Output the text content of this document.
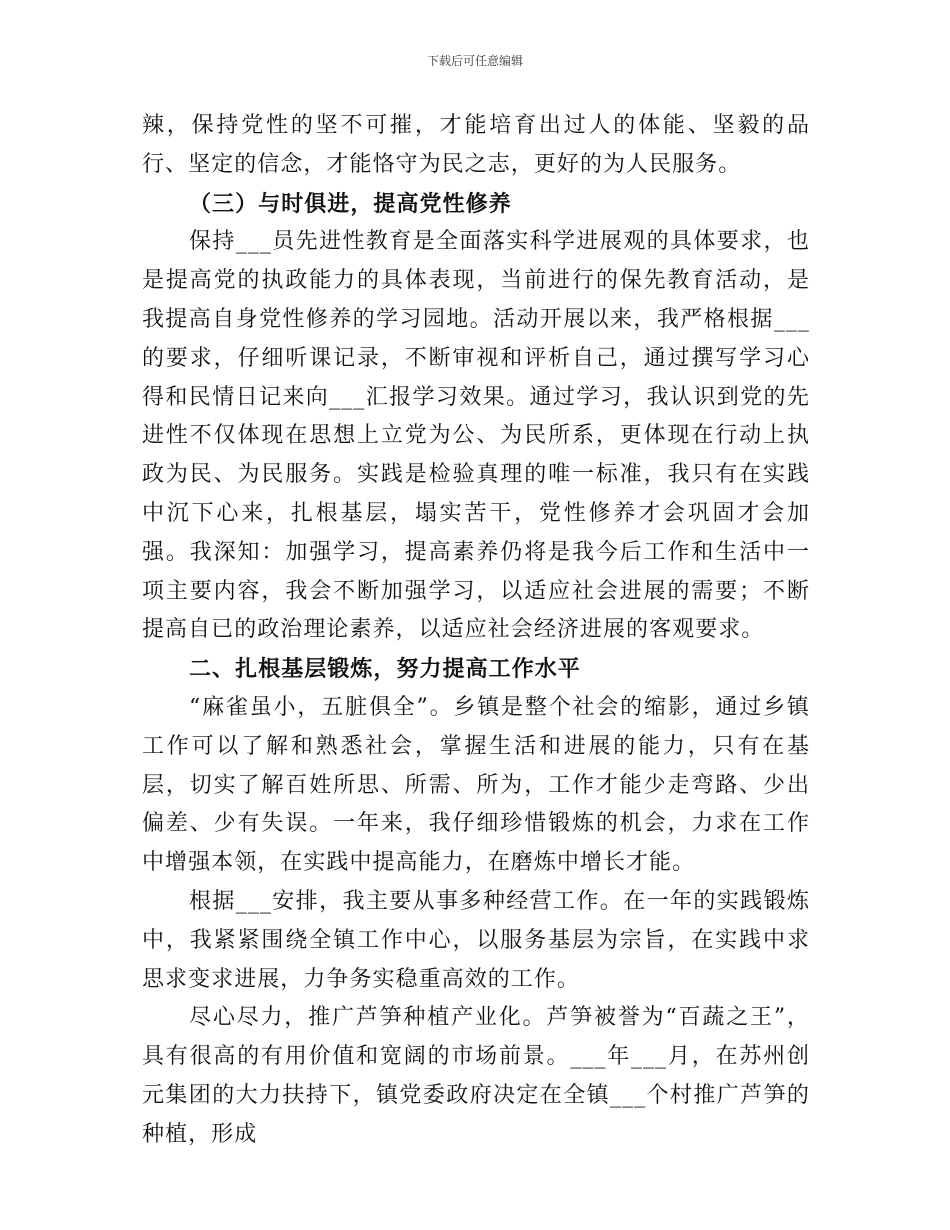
下载后可任意编辑

辣，保持党性的坚不可摧，才能培育出过人的体能、坚毅的品行、坚定的信念，才能恪守为民之志，更好的为人民服务。

（三）与时俱进，提高党性修养

保持___员先进性教育是全面落实科学进展观的具体要求，也是提高党的执政能力的具体表现，当前进行的保先教育活动，是我提高自身党性修养的学习园地。活动开展以来，我严格根据___的要求，仔细听课记录，不断审视和评析自己，通过撰写学习心得和民情日记来向___汇报学习效果。通过学习，我认识到党的先进性不仅体现在思想上立党为公、为民所系，更体现在行动上执政为民、为民服务。实践是检验真理的唯一标准，我只有在实践中沉下心来，扎根基层，塌实苦干，党性修养才会巩固才会加强。我深知：加强学习，提高素养仍将是我今后工作和生活中一项主要内容，我会不断加强学习，以适应社会进展的需要；不断提高自已的政治理论素养，以适应社会经济进展的客观要求。

二、扎根基层锻炼，努力提高工作水平

“麻雀虽小，五脏俱全”。乡镇是整个社会的缩影，通过乡镇工作可以了解和熟悉社会，掌握生活和进展的能力，只有在基层，切实了解百姓所思、所需、所为，工作才能少走弯路、少出偏差、少有失误。一年来，我仔细珍惜锻炼的机会，力求在工作中增强本领，在实践中提高能力，在磨炼中增长才能。

根据___安排，我主要从事多种经营工作。在一年的实践锻炼中，我紧紧围绕全镇工作中心，以服务基层为宗旨，在实践中求思求变求进展，力争务实稳重高效的工作。

尽心尽力，推广芦笋种植产业化。芦笋被誉为“百蔬之王”，具有很高的有用价值和宽阔的市场前景。___年___月，在苏州创元集团的大力扶持下，镇党委政府决定在全镇___个村推广芦笋的种植，形成
